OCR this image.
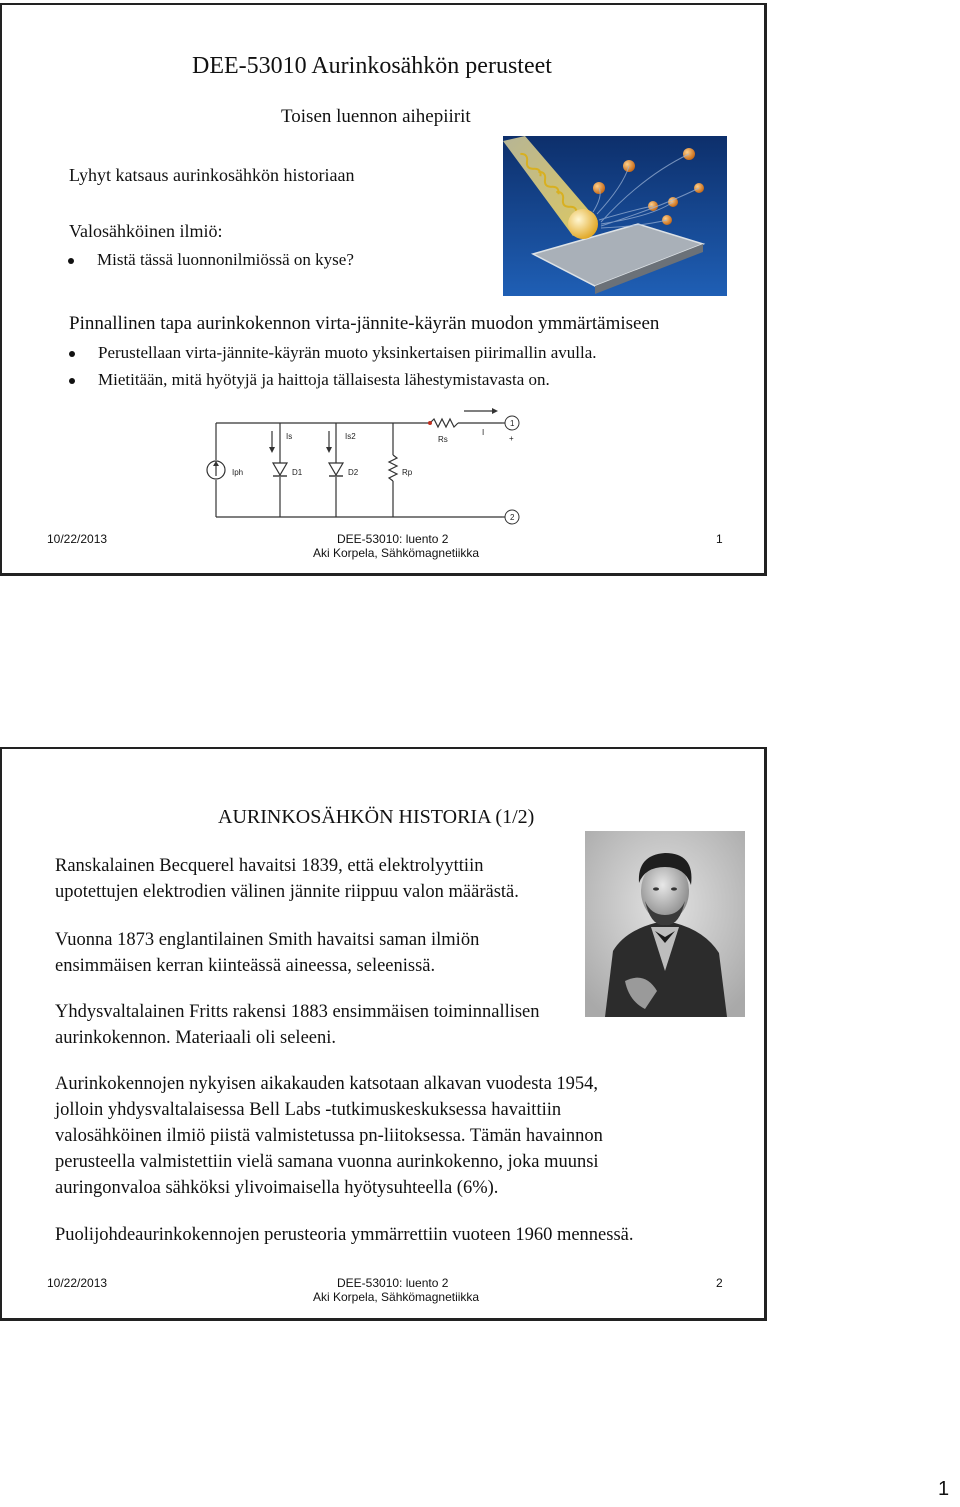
DEE-53010 Aurinkosähkön perusteet
Toisen luennon aihepiirit
Lyhyt katsaus aurinkosähkön historiaan
Valosähköinen ilmiö:
Mistä tässä luonnonilmiössä on kyse?
Pinnallinen tapa aurinkokennon virta-jännite-käyrän muodon ymmärtämiseen
Perustellaan virta-jännite-käyrän muoto yksinkertaisen piirimallin avulla.
Mietitään, mitä hyötyjä ja haittoja tällaisesta lähestymistavasta on.
Iph
Is	Is2
D1	D2	Rp
Rs
I
+
1
2
10/22/2013	DEE-53010: luento 2
Aki Korpela, Sähkömagnetiikka
1
AURINKOSÄHKÖN HISTORIA (1/2)
Ranskalainen Becquerel havaitsi 1839, että elektrolyyttiin
upotettujen elektrodien välinen jännite riippuu valon määrästä.
Vuonna 1873 englantilainen Smith havaitsi saman ilmiön
ensimmäisen kerran kiinteässä aineessa, seleenissä.
Yhdysvaltalainen Fritts rakensi 1883 ensimmäisen toiminnallisen
aurinkokennon. Materiaali oli seleeni.
Aurinkokennojen nykyisen aikakauden katsotaan alkavan vuodesta 1954,
jolloin yhdysvaltalaisessa Bell Labs -tutkimuskeskuksessa havaittiin
valosähköinen ilmiö piistä valmistetussa pn-liitoksessa. Tämän havainnon
perusteella valmistettiin vielä samana vuonna aurinkokenno, joka muunsi
auringonvaloa sähköksi ylivoimaisella hyötysuhteella (6%).
Puolijohdeaurinkokennojen perusteoria ymmärrettiin vuoteen 1960 mennessä.
10/22/2013	DEE-53010: luento 2
Aki Korpela, Sähkömagnetiikka
2
1
